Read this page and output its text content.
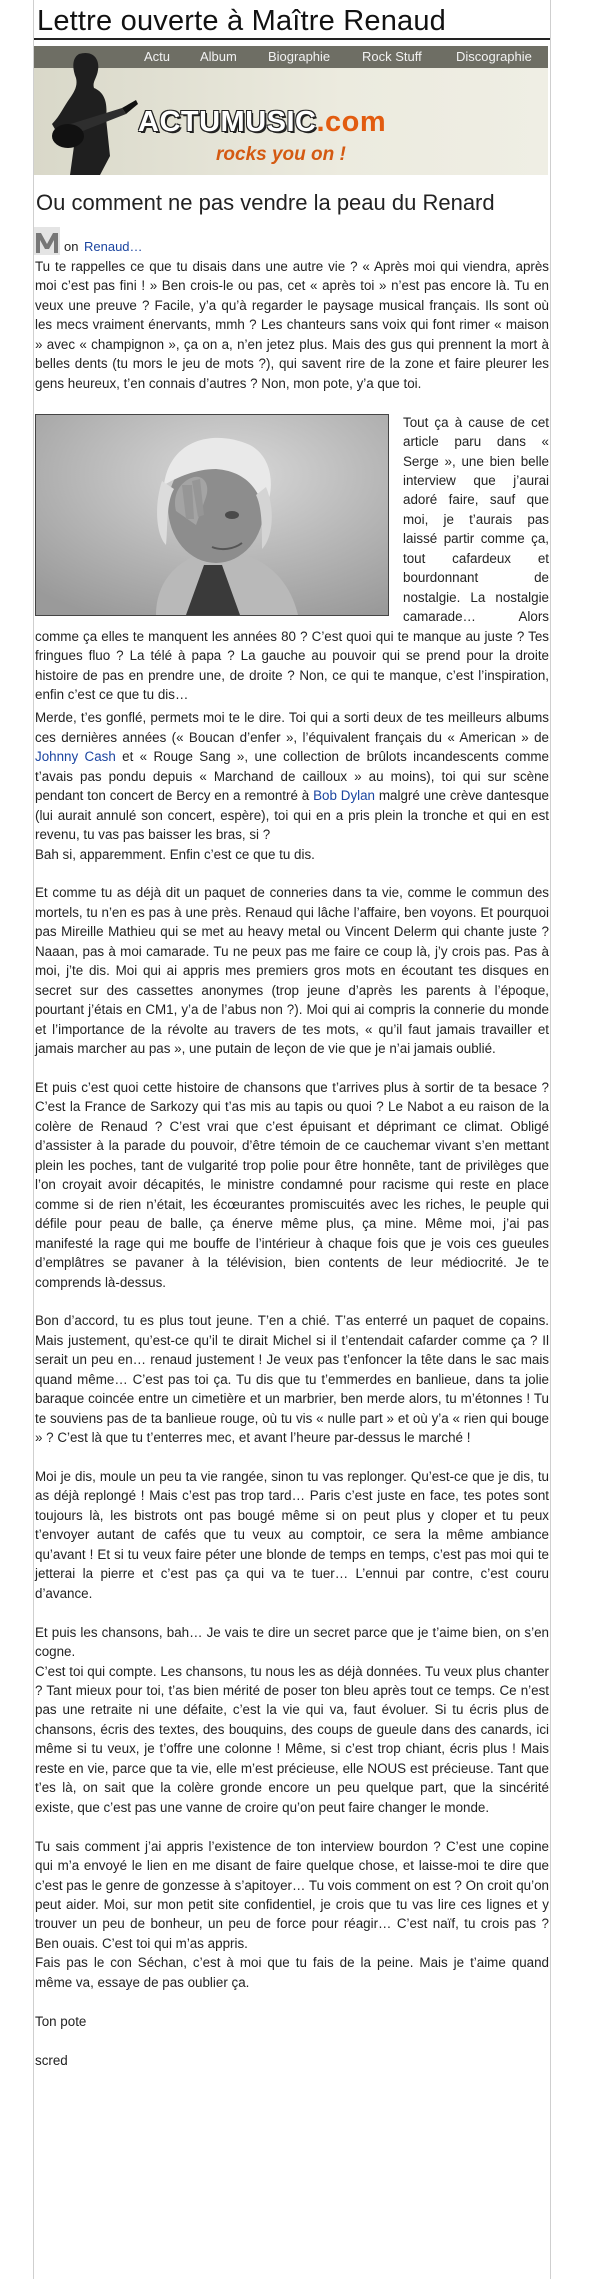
Lettre ouverte à Maître Renaud
Actu Album Biographie Rock Stuff	Discographie
ACTUMUSIC.com
rocks you on !
Ou comment ne pas vendre la peau du Renard
on Renaud…

Tu te rappelles ce que tu disais dans une autre vie ? « Après moi qui viendra, après moi c’est pas fini ! » Ben crois-le ou pas, cet « après toi » n’est pas encore là. Tu en veux une preuve ? Facile, y’a qu’à regarder le paysage musical français. Ils sont où les mecs vraiment énervants, mmh ? Les chanteurs sans voix qui font rimer « maison » avec « champignon », ça on a, n’en jetez plus. Mais des gus qui prennent la mort à belles dents (tu mors le jeu de mots ?), qui savent rire de la zone et faire pleurer les gens heureux, t’en connais d’autres ? Non, mon pote, y’a que toi.

Tout ça à cause de cet article paru dans « Serge », une bien belle interview que j’aurai adoré faire, sauf que moi, je t’aurais pas laissé partir comme ça, tout cafardeux et bourdonnant de nostalgie. La nostalgie camarade… Alors comme ça elles te manquent les années 80 ? C’est quoi qui te manque au juste ? Tes fringues fluo ? La télé à papa ? La gauche au pouvoir qui se prend pour la droite histoire de pas en prendre une, de droite ? Non, ce qui te manque, c’est l’inspiration, enfin c’est ce que tu dis…

Merde, t’es gonflé, permets moi te le dire. Toi qui a sorti deux de tes meilleurs albums ces dernières années (« Boucan d’enfer », l’équivalent français du « American » de Johnny Cash et « Rouge Sang », une collection de brûlots incandescents comme t’avais pas pondu depuis « Marchand de cailloux » au moins), toi qui sur scène pendant ton concert de Bercy en a remontré à Bob Dylan malgré une crève dantesque (lui aurait annulé son concert, espère), toi qui en a pris plein la tronche et qui en est revenu, tu vas pas baisser les bras, si ?

Bah si, apparemment. Enfin c’est ce que tu dis.

Et comme tu as déjà dit un paquet de conneries dans ta vie, comme le commun des mortels, tu n’en es pas à une près. Renaud qui lâche l’affaire, ben voyons. Et pourquoi pas Mireille Mathieu qui se met au heavy metal ou Vincent Delerm qui chante juste ? Naaan, pas à moi camarade. Tu ne peux pas me faire ce coup là, j’y crois pas. Pas à moi, j’te dis. Moi qui ai appris mes premiers gros mots en écoutant tes disques en secret sur des cassettes anonymes (trop jeune d’après les parents à l’époque, pourtant j’étais en CM1, y’a de l’abus non ?). Moi qui ai compris la connerie du monde et l’importance de la révolte au travers de tes mots, « qu’il faut jamais travailler et jamais marcher au pas », une putain de leçon de vie que je n’ai jamais oublié.

Et puis c’est quoi cette histoire de chansons que t’arrives plus à sortir de ta besace ? C’est la France de Sarkozy qui t’as mis au tapis ou quoi ? Le Nabot a eu raison de la colère de Renaud ? C’est vrai que c’est épuisant et déprimant ce climat. Obligé d’assister à la parade du pouvoir, d’être témoin de ce cauchemar vivant s’en mettant plein les poches, tant de vulgarité trop polie pour être honnête, tant de privilèges que l’on croyait avoir décapités, le ministre condamné pour racisme qui reste en place comme si de rien n’était, les écœurantes promiscuités avec les riches, le peuple qui défile pour peau de balle, ça énerve même plus, ça mine. Même moi, j’ai pas manifesté la rage qui me bouffe de l’intérieur à chaque fois que je vois ces gueules d’emplâtres se pavaner à la télévision, bien contents de leur médiocrité. Je te comprends là-dessus.

Bon d’accord, tu es plus tout jeune. T’en a chié. T’as enterré un paquet de copains. Mais justement, qu’est-ce qu’il te dirait Michel si il t’entendait cafarder comme ça ? Il serait un peu en… renaud justement ! Je veux pas t’enfoncer la tête dans le sac mais quand même… C’est pas toi ça. Tu dis que tu t’emmerdes en banlieue, dans ta jolie baraque coincée entre un cimetière et un marbrier, ben merde alors, tu m’étonnes ! Tu te souviens pas de ta banlieue rouge, où tu vis « nulle part » et où y’a « rien qui bouge » ? C’est là que tu t’enterres mec, et avant l’heure par-dessus le marché !

Moi je dis, moule un peu ta vie rangée, sinon tu vas replonger. Qu’est-ce que je dis, tu as déjà replongé ! Mais c’est pas trop tard… Paris c’est juste en face, tes potes sont toujours là, les bistrots ont pas bougé même si on peut plus y cloper et tu peux t’envoyer autant de cafés que tu veux au comptoir, ce sera la même ambiance qu’avant ! Et si tu veux faire péter une blonde de temps en temps, c’est pas moi qui te jetterai la pierre et c’est pas ça qui va te tuer… L’ennui par contre, c’est couru d’avance.

Et puis les chansons, bah… Je vais te dire un secret parce que je t’aime bien, on s’en cogne.

C’est toi qui compte. Les chansons, tu nous les as déjà données. Tu veux plus chanter ? Tant mieux pour toi, t’as bien mérité de poser ton bleu après tout ce temps. Ce n’est pas une retraite ni une défaite, c’est la vie qui va, faut évoluer. Si tu écris plus de chansons, écris des textes, des bouquins, des coups de gueule dans des canards, ici même si tu veux, je t’offre une colonne ! Même, si c’est trop chiant, écris plus ! Mais reste en vie, parce que ta vie, elle m’est précieuse, elle NOUS est précieuse. Tant que t’es là, on sait que la colère gronde encore un peu quelque part, que la sincérité existe, que c’est pas une vanne de croire qu’on peut faire changer le monde.

Tu sais comment j’ai appris l’existence de ton interview bourdon ? C’est une copine qui m’a envoyé le lien en me disant de faire quelque chose, et laisse-moi te dire que c’est pas le genre de gonzesse à s’apitoyer… Tu vois comment on est ? On croit qu’on peut aider. Moi, sur mon petit site confidentiel, je crois que tu vas lire ces lignes et y trouver un peu de bonheur, un peu de force pour réagir… C’est naïf, tu crois pas ? Ben ouais. C’est toi qui m’as appris.

Fais pas le con Séchan, c’est à moi que tu fais de la peine. Mais je t’aime quand même va, essaye de pas oublier ça.

Ton pote

scred
